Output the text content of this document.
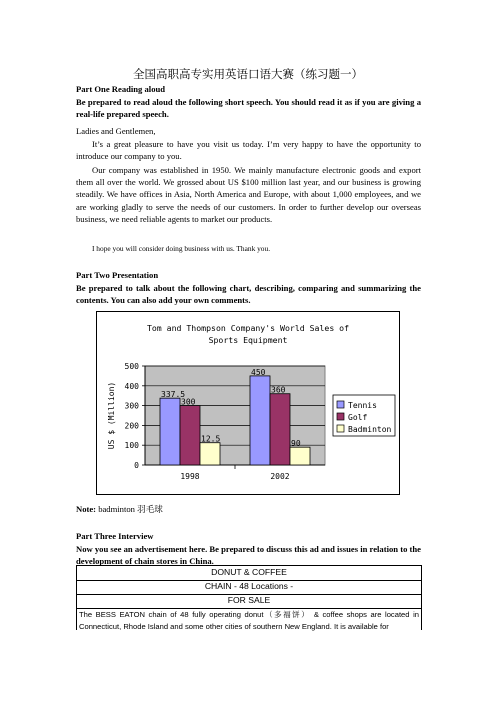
全国高职高专实用英语口语大赛（练习题一）

Part One Reading aloud

Be prepared to read aloud the following short speech. You should read it as if you are giving a real-life prepared speech.

Ladies and Gentlemen,

It’s a great pleasure to have you visit us today. I’m very happy to have the opportunity to introduce our company to you.

Our company was established in 1950. We mainly manufacture electronic goods and export them all over the world. We grossed about US $100 million last year, and our business is growing steadily. We have offices in Asia, North America and Europe, with about 1,000 employees, and we are working gladly to serve the needs of our customers. In order to further develop our overseas business, we need reliable agents to market our products.

I hope you will consider doing business with us. Thank you.

Part Two Presentation

Be prepared to talk about the following chart, describing, comparing and summarizing the contents. You can also add your own comments.

Tom and Thompson Company's World Sales of
Sports Equipment
0
100
200
300
400
500
US $ (Million)	337.5
300
12.5
1998
450
360
90
2002
Tennis
Golf
Badminton

Note: badminton 羽毛球

Part Three Interview

Now you see an advertisement here. Be prepared to discuss this ad and issues in relation to the development of chain stores in China.

DONUT & COFFEE
CHAIN - 48 Locations -
FOR SALE
The BESS EATON chain of 48 fully operating donut（多福饼） & coffee shops are located in Connecticut, Rhode Island and some other cities of southern New England. It is available for
